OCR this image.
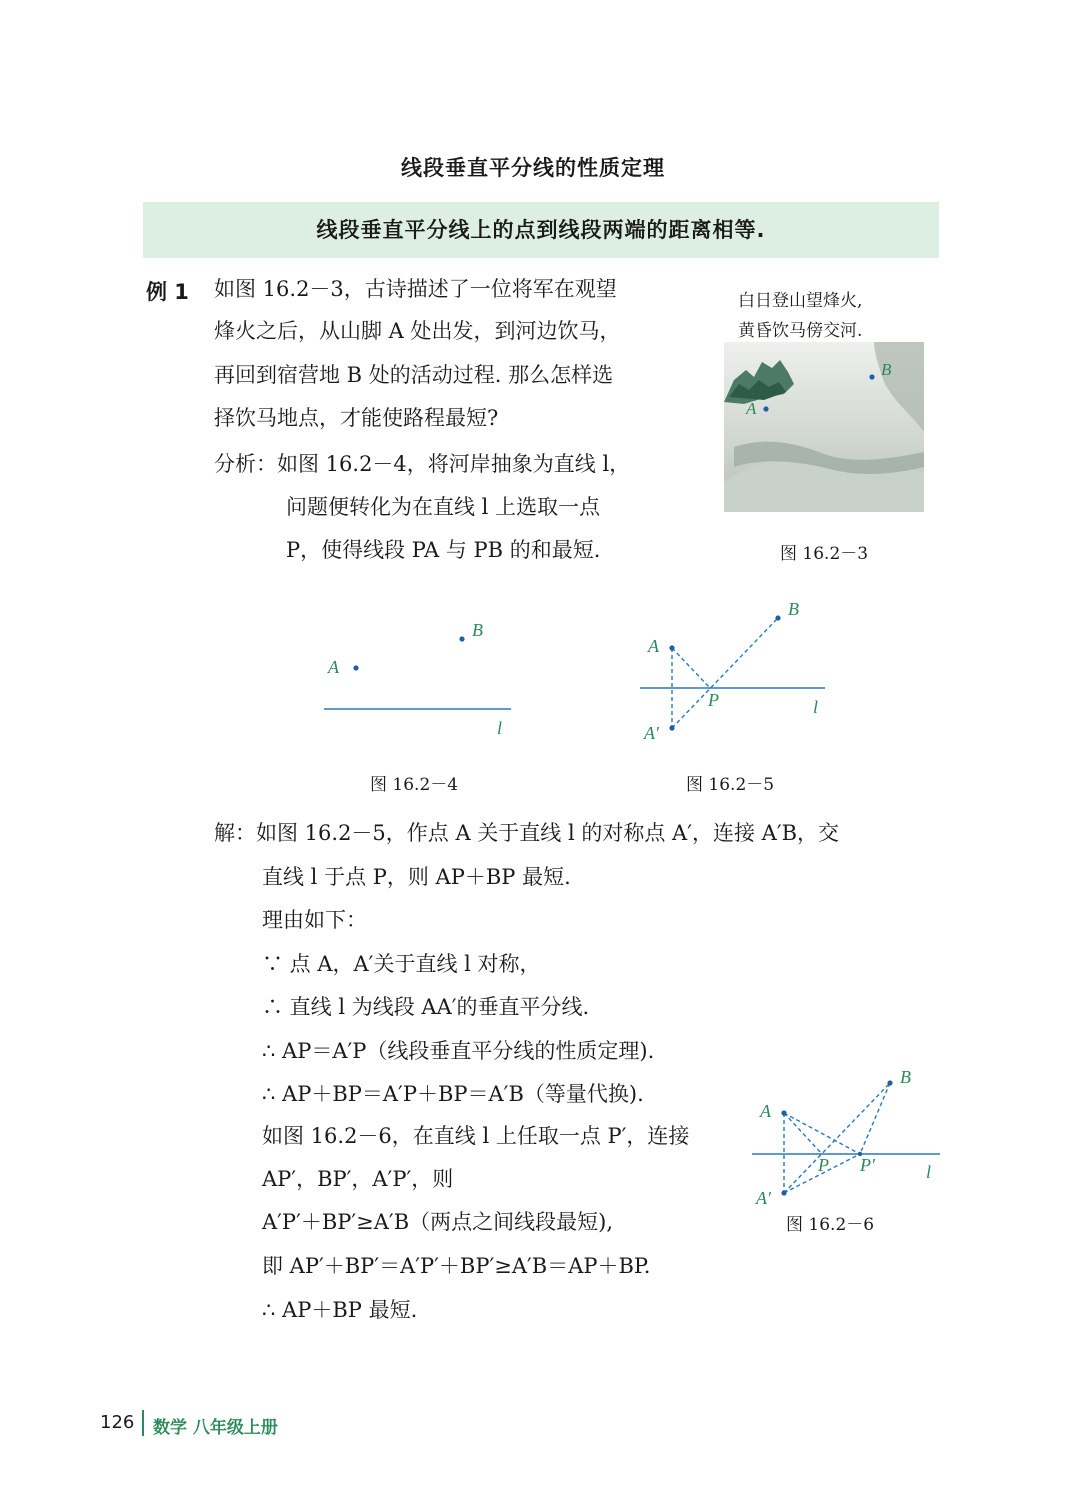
线段垂直平分线的性质定理
线段垂直平分线上的点到线段两端的距离相等.
例 1 如图 16.2－3，古诗描述了一位将军在观望
烽火之后，从山脚 A 处出发，到河边饮马，
再回到宿营地 B 处的活动过程. 那么怎样选
择饮马地点，才能使路程最短?
分析：如图 16.2－4，将河岸抽象为直线 l，
问题便转化为在直线 l 上选取一点
P，使得线段 PA 与 PB 的和最短.
白日登山望烽火,
黄昏饮马傍交河.
B
A
图 16.2－3
A
B
l
图 16.2－4
A
B
A′
P	l
图 16.2－5
解：如图 16.2－5，作点 A 关于直线 l 的对称点 A′，连接 A′B，交
直线 l 于点 P，则 AP＋BP 最短.
理由如下：
∵ 点 A，A′关于直线 l 对称，
∴ 直线 l 为线段 AA′的垂直平分线.
∴ AP＝A′P（线段垂直平分线的性质定理).
∴ AP＋BP＝A′P＋BP＝A′B（等量代换).
如图 16.2－6，在直线 l 上任取一点 P′，连接
AP′，BP′，A′P′，则
A′P′＋BP′≥A′B（两点之间线段最短),
即 AP′＋BP′＝A′P′＋BP′≥A′B＝AP＋BP.
∴ AP＋BP 最短.
A
B
A′
P P′	l
图 16.2－6
126 数学 八年级上册
